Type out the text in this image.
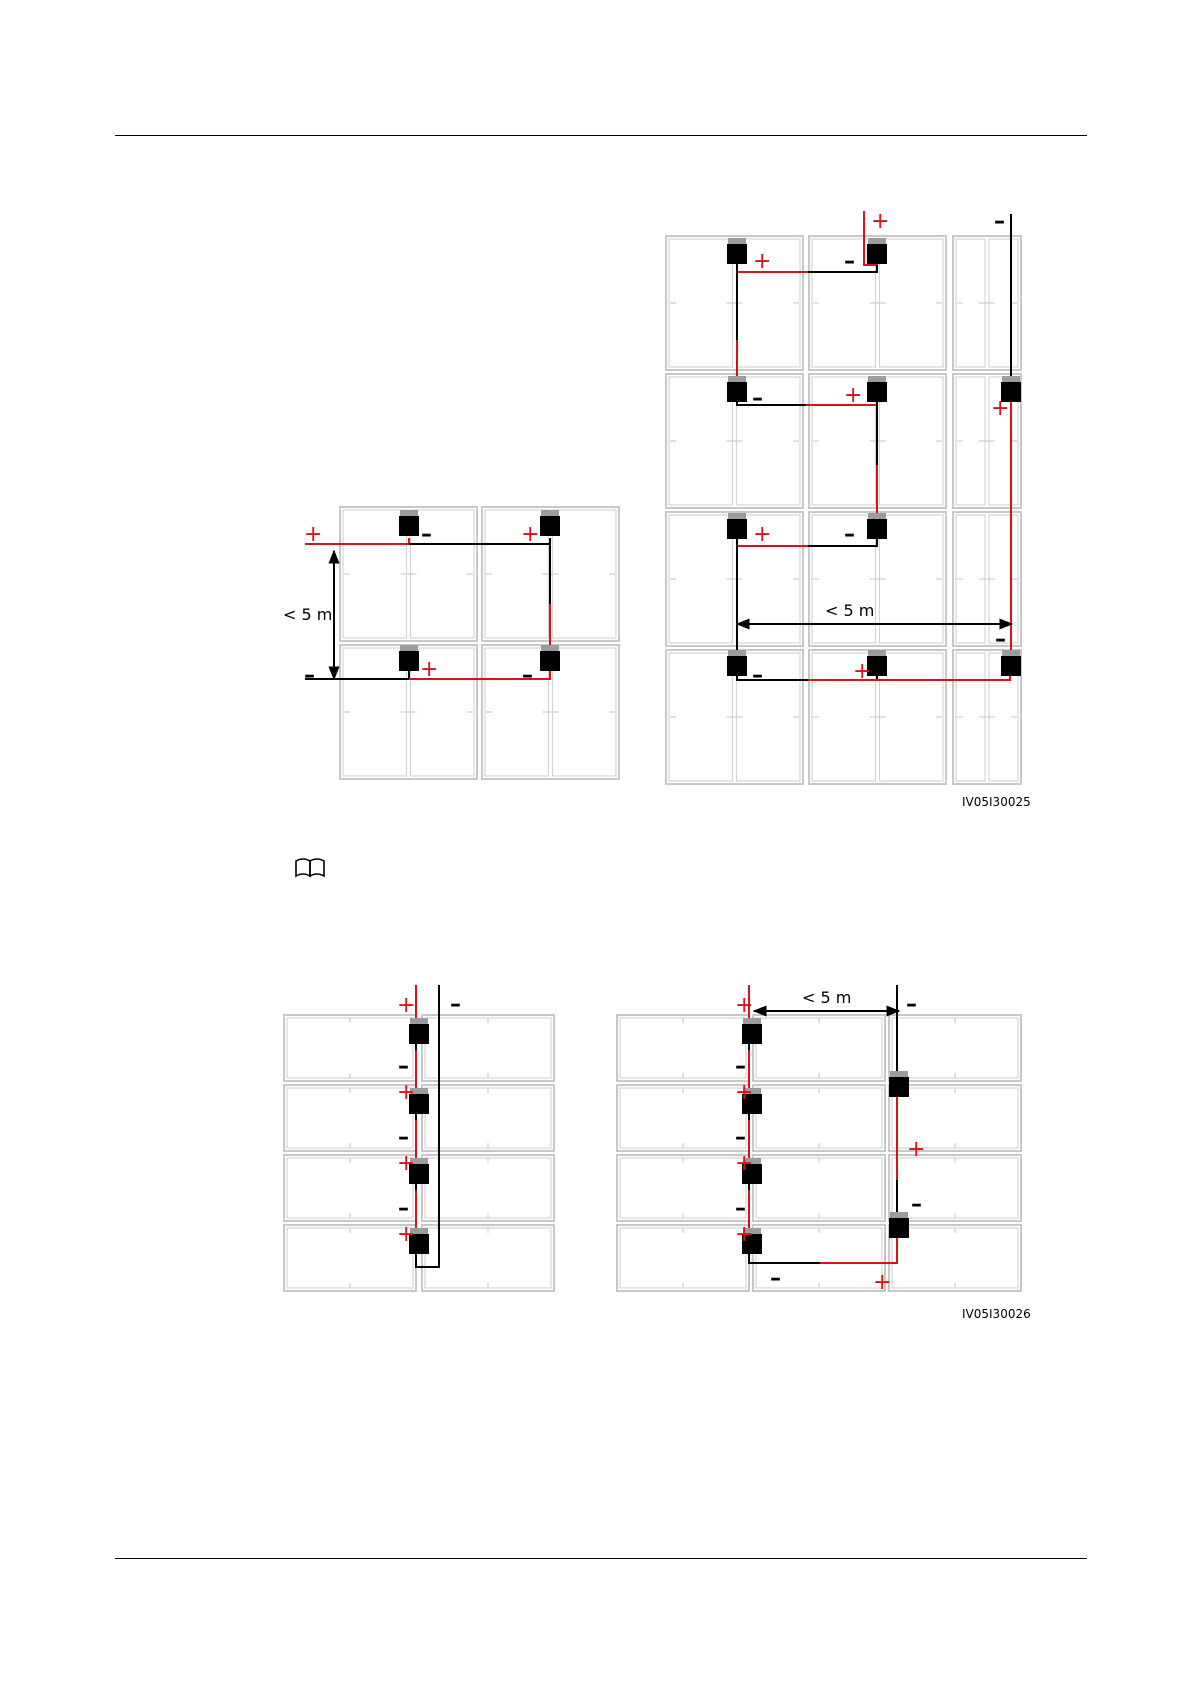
+	–	+
+
–	–
+	–
+	–
–	+
+
+	–
–
–	+
< 5 m	< 5 m
IV05I30025
+ –
–
+
–
+
–
+
+	–
–
+
–
+
–
+
+
–
–	+
< 5 m
IV05I30026
